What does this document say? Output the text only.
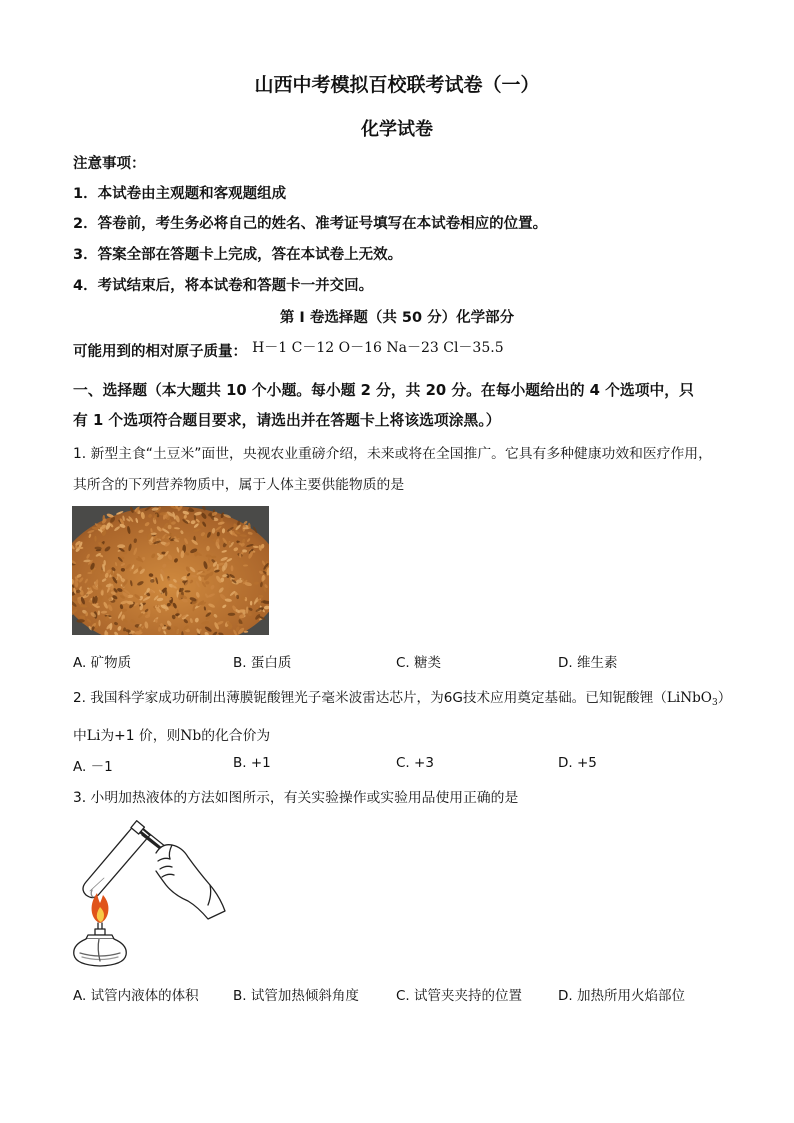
山西中考模拟百校联考试卷（一）
化学试卷
注意事项：
1．本试卷由主观题和客观题组成
2．答卷前，考生务必将自己的姓名、准考证号填写在本试卷相应的位置。
3．答案全部在答题卡上完成，答在本试卷上无效。
4．考试结束后，将本试卷和答题卡一并交回。
第 I 卷选择题（共 50 分）化学部分
可能用到的相对原子质量： H－1 C－12 O－16 Na－23 Cl－35.5
一、选择题（本大题共 10 个小题。每小题 2 分，共 20 分。在每小题给出的 4 个选项中，只
有 1 个选项符合题目要求，请选出并在答题卡上将该选项涂黑。）
1. 新型主食“土豆米”面世，央视农业重磅介绍，未来或将在全国推广。它具有多种健康功效和医疗作用，
其所含的下列营养物质中，属于人体主要供能物质的是
A. 矿物质	B. 蛋白质	C. 糖类	D. 维生素
2. 我国科学家成功研制出薄膜铌酸锂光子毫米波雷达芯片，为6G技术应用奠定基础。已知铌酸锂（LiNbO$_3$）
中Li为+1 价，则Nb的化合价为
A. －1	B. +1	C. +3	D. +5
3. 小明加热液体的方法如图所示，有关实验操作或实验用品使用正确的是
A. 试管内液体的体积	B. 试管加热倾斜角度	C. 试管夹夹持的位置	D. 加热所用火焰部位
